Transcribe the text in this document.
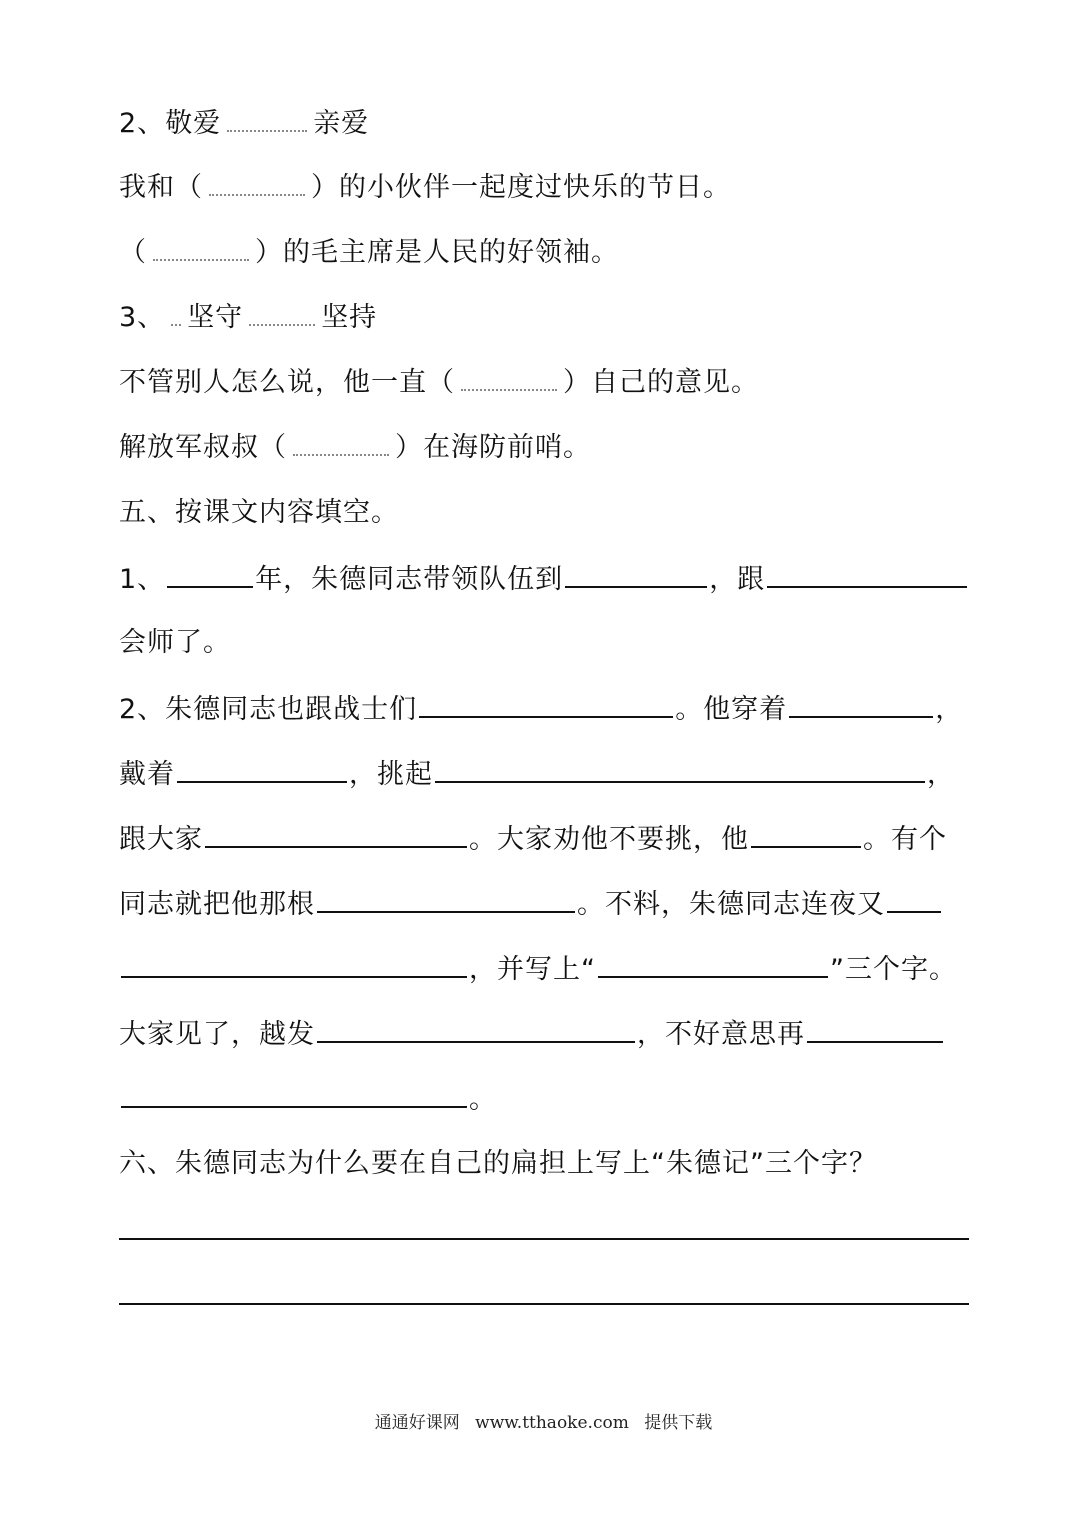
2、敬爱	亲爱
我和（	）的小伙伴一起度过快乐的节日。
（	）的毛主席是人民的好领袖。
3、 坚守	坚持
不管别人怎么说，他一直（	）自己的意见。
解放军叔叔（	）在海防前哨。
五、按课文内容填空。
1、	年，朱德同志带领队伍到	，跟
会师了。
2、朱德同志也跟战士们	。他穿着	，
戴着	，挑起	，
跟大家	。大家劝他不要挑，他	。有个
同志就把他那根	。不料，朱德同志连夜又
，并写上“	”三个字。
大家见了，越发	，不好意思再
。
六、朱德同志为什么要在自己的扁担上写上“朱德记”三个字？
通通好课网 www.tthaoke.com 提供下载
